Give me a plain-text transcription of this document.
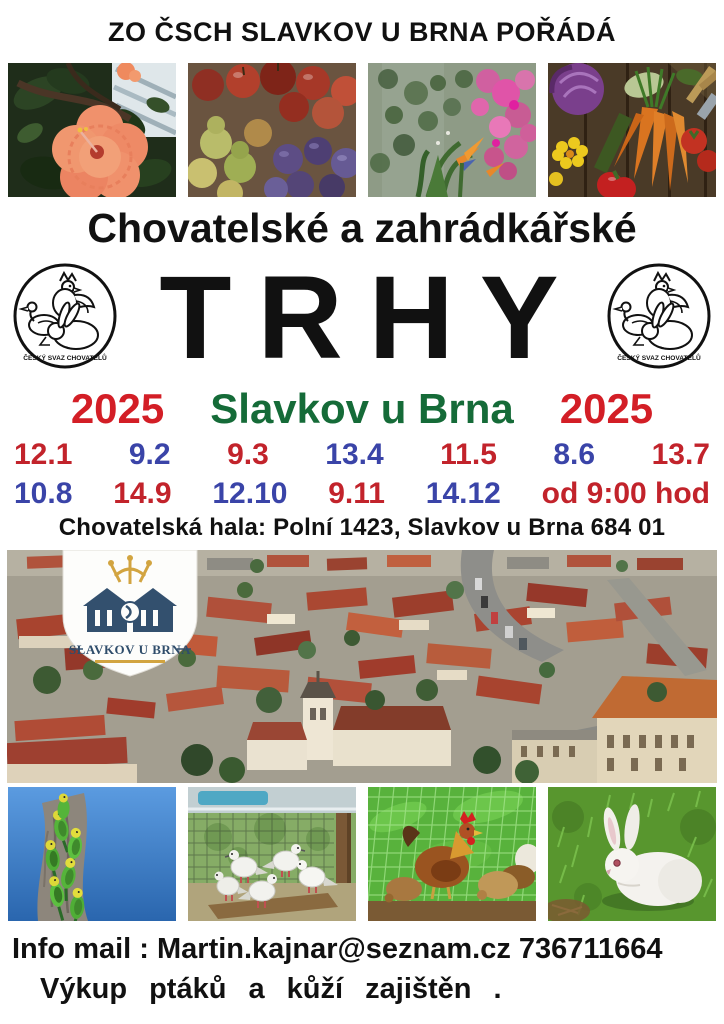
ZO ČSCH SLAVKOV U BRNA POŘÁDÁ
Chovatelské a zahrádkářské
ČESKÝ SVAZ CHOVATELŮ TRHY	ČESKÝ SVAZ CHOVATELŮ
2025 Slavkov u Brna 2025
12.1 9.2 9.3 13.4 11.5 8.6 13.7
10.8 14.9 12.10 9.11 14.12 od 9:00 hod
Chovatelská hala: Polní 1423, Slavkov u Brna 684 01
SLAVKOV U BRNA
Info mail : Martin.kajnar@seznam.cz 736711664
Výkup ptáků a kůží zajištěn .
